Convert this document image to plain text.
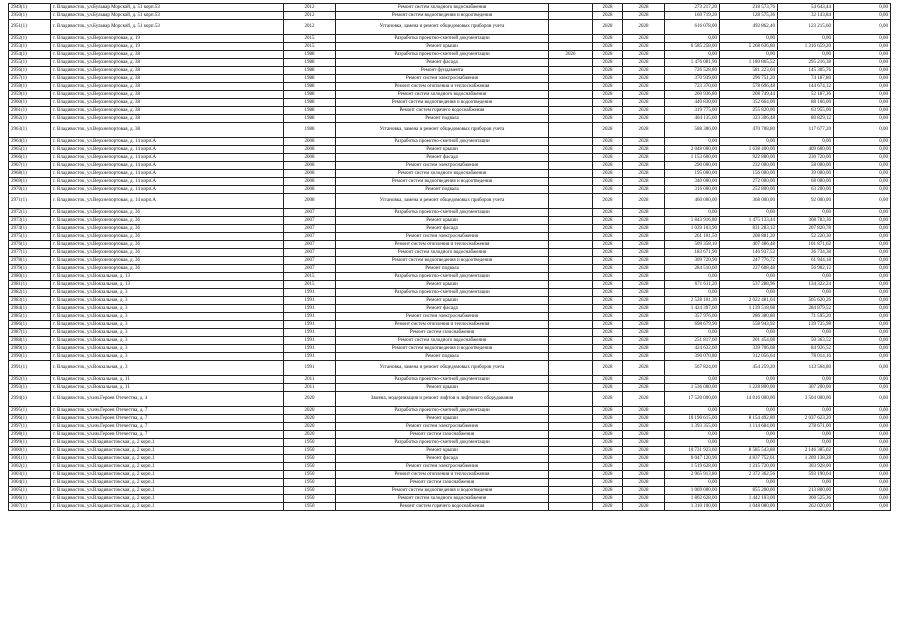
2949(1)	г. Владивосток, ул.Бульвар Морской, д. 51 корп.53	2012	Ремонт систем холодного водоснабжения		2028	2028	273 217,20	218 573,76	54 643,44	0,00
2950(1)	г. Владивосток, ул.Бульвар Морской, д. 51 корп.53	2012	Ремонт систем водоотведения и водоотведения		2028	2028	160 719,20	128 575,36	32 143,84	0,00
2951(1)	г. Владивосток, ул.Бульвар Морской, д. 51 корп.53	2012	Установка, замена и ремонт общедомовых приборов учета		2028	2028	616 078,00	492 862,40	123 215,60	0,00
2952(1)	г. Владивосток, ул.Верхнепортовая, д. 19	2015	Разработка проектно-сметной документации		2028	2028	0,00	0,00	0,00	0,00
2953(1)	г. Владивосток, ул.Верхнепортовая, д. 19	2015	Ремонт крыши		2028	2028	6 585 258,00	5 268 636,80	1 316 659,20	0,00
2954(1)	г. Владивосток, ул.Верхнепортовая, д. 38	1988	Разработка проектно-сметной документации	2026	2028	2028	0,00	0,00	0,00	0,00
2955(1)	г. Владивосток, ул.Верхнепортовая, д. 38	1988	Ремонт фасада		2028	2028	1 476 081,90	1 180 865,52	295 216,38	0,00
2956(1)	г. Владивосток, ул.Верхнепортовая, д. 38	1988	Ремонт фундамента		2028	2028	726 528,80	581 223,04	145 305,76	0,00
2957(1)	г. Владивосток, ул.Верхнепортовая, д. 38	1988	Ремонт систем электроснабжения		2028	2028	370 939,00	296 751,20	74 187,80	0,00
2958(1)	г. Владивосток, ул.Верхнепортовая, д. 38	1988	Ремонт систем отопления и теплоснабжения		2028	2028	723 370,60	578 696,48	144 674,12	0,00
2959(1)	г. Владивосток, ул.Верхнепортовая, д. 38	1988	Ремонт систем холодного водоснабжения		2028	2028	260 936,80	208 749,44	52 187,36	0,00
2960(1)	г. Владивосток, ул.Верхнепортовая, д. 38	1988	Ремонт систем водоотведения и водоотведения		2028	2028	440 830,00	352 664,00	88 166,00	0,00
2961(1)	г. Владивосток, ул.Верхнепортовая, д. 38	1988	Ремонт систем горячего водоснабжения		2028	2028	319 775,00	255 820,00	63 955,00	0,00
2962(1)	г. Владивосток, ул.Верхнепортовая, д. 38	1988	Ремонт подвала		2028	2028	404 135,60	323 306,48	80 829,12	0,00
2963(1)	г. Владивосток, ул.Верхнепортовая, д. 38	1988	Установка, замена и ремонт общедомовых приборов учета		2028	2028	588 386,00	470 708,80	117 677,20	0,00
2964(1)	г. Владивосток, ул.Верхнепортовая, д. 14 корп.А	2008	Разработка проектно-сметной документации		2028	2028	0,00	0,00	0,00	0,00
2965(1)	г. Владивосток, ул.Верхнепортовая, д. 14 корп.А	2008	Ремонт крыши		2028	2028	2 048 000,00	1 638 400,00	409 600,00	0,00
2966(1)	г. Владивосток, ул.Верхнепортовая, д. 14 корп.А	2008	Ремонт фасада		2028	2028	1 153 600,00	922 880,00	230 720,00	0,00
2967(1)	г. Владивосток, ул.Верхнепортовая, д. 14 корп.А	2008	Ремонт систем электроснабжения		2028	2028	290 000,00	232 000,00	58 000,00	0,00
2968(1)	г. Владивосток, ул.Верхнепортовая, д. 14 корп.А	2008	Ремонт систем холодного водоснабжения		2028	2028	195 000,00	156 000,00	39 000,00	0,00
2969(1)	г. Владивосток, ул.Верхнепортовая, д. 14 корп.А	2008	Ремонт систем водоотведения и водоотведения		2028	2028	340 000,00	272 000,00	68 000,00	0,00
2970(1)	г. Владивосток, ул.Верхнепортовая, д. 14 корп.А	2008	Ремонт подвала		2028	2028	316 000,00	252 800,00	63 200,00	0,00
2971(1)	г. Владивосток, ул.Верхнепортовая, д. 14 корп.А	2008	Установка, замена и ремонт общедомовых приборов учета		2028	2028	460 000,00	368 000,00	92 000,00	0,00
2972(1)	г. Владивосток, ул.Верхнепортовая, д. 36	2007	Разработка проектно-сметной документации		2028	2028	0,00	0,00	0,00	0,00
2973(1)	г. Владивосток, ул.Верхнепортовая, д. 36	2007	Ремонт крыши		2028	2028	1 843 916,80	1 475 133,44	368 783,36	0,00
2974(1)	г. Владивосток, ул.Верхнепортовая, д. 36	2007	Ремонт фасада		2028	2028	1 039 103,90	831 283,12	207 820,78	0,00
2975(1)	г. Владивосток, ул.Верхнепортовая, д. 36	2007	Ремонт систем электроснабжения		2028	2028	261 101,50	208 881,20	52 220,30	0,00
2976(1)	г. Владивосток, ул.Верхнепортовая, д. 36	2007	Ремонт систем отопления и теплоснабжения		2028	2028	509 358,10	407 486,48	101 871,62	0,00
2977(1)	г. Владивосток, ул.Верхнепортовая, д. 36	2007	Ремонт систем холодного водоснабжения		2028	2028	183 671,90	146 937,52	36 734,38	0,00
2978(1)	г. Владивосток, ул.Верхнепортовая, д. 36	2007	Ремонт систем водоотведения и водоотведения		2028	2028	309 720,90	247 776,72	61 944,18	0,00
2979(1)	г. Владивосток, ул.Верхнепортовая, д. 36	2007	Ремонт подвала		2028	2028	284 510,60	227 608,48	56 902,12	0,00
2980(1)	г. Владивосток, ул.Вокзальная, д. 13	2015	Разработка проектно-сметной документации		2028	2028	0,00	0,00	0,00	0,00
2981(1)	г. Владивосток, ул.Вокзальная, д. 13	2015	Ремонт крыши		2028	2028	671 611,20	537 288,96	134 322,24	0,00
2982(1)	г. Владивосток, ул.Вокзальная, д. 3	1991	Разработка проектно-сметной документации		2028	2028	0,00	0,00	0,00	0,00
2983(1)	г. Владивосток, ул.Вокзальная, д. 3	1991	Ремонт крыши		2028	2028	2 528 101,30	2 022 481,04	505 620,26	0,00
2984(1)	г. Владивосток, ул.Вокзальная, д. 3	1991	Ремонт фасада		2028	2028	1 424 397,60	1 139 518,08	284 879,52	0,00
2985(1)	г. Владивосток, ул.Вокзальная, д. 3	1991	Ремонт систем электроснабжения		2028	2028	357 976,00	286 380,80	71 595,20	0,00
2986(1)	г. Владивосток, ул.Вокзальная, д. 3	1991	Ремонт систем отопления и теплоснабжения		2028	2028	698 679,90	558 943,92	139 735,98	0,00
2987(1)	г. Владивосток, ул.Вокзальная, д. 3	1991	Ремонт систем газоснабжения		2028	2028	0,00	0,00	0,00	0,00
2988(1)	г. Владивосток, ул.Вокзальная, д. 3	1991	Ремонт систем холодного водоснабжения		2028	2028	251 817,60	201 454,08	50 363,52	0,00
2989(1)	г. Владивосток, ул.Вокзальная, д. 3	1991	Ремонт систем водоотведения и водоотведения		2028	2028	424 632,60	339 706,08	84 926,52	0,00
2990(1)	г. Владивосток, ул.Вокзальная, д. 3	1991	Ремонт подвала		2028	2028	390 070,80	312 056,64	78 014,16	0,00
2991(1)	г. Владивосток, ул.Вокзальная, д. 3	1991	Установка, замена и ремонт общедомовых приборов учета		2028	2028	567 824,00	454 259,20	113 564,80	0,00
2992(1)	г. Владивосток, ул.Вокзальная, д. 11	2011	Разработка проектно-сметной документации		2028	2028	0,00	0,00	0,00	0,00
2993(1)	г. Владивосток, ул.Вокзальная, д. 11	2011	Ремонт крыши		2028	2028	1 536 000,00	1 228 800,00	307 200,00	0,00
2994(1)	г. Владивосток, ул.им.Героев Отечества, д. 4	2020	Замена, модернизация и ремонт лифтов и лифтового оборудования		2028	2028	17 520 000,00	14 016 000,00	3 504 000,00	0,00
2995(1)	г. Владивосток, ул.им.Героев Отечества, д. 7	2020	Разработка проектно-сметной документации		2028	2028	0,00	0,00	0,00	0,00
2996(1)	г. Владивосток, ул.им.Героев Отечества, д. 7	2020	Ремонт крыши		2028	2028	10 190 615,00	8 154 492,80	2 037 623,20	0,00
2997(1)	г. Владивосток, ул.им.Героев Отечества, д. 7	2020	Ремонт систем электроснабжения		2028	2028	1 393 355,00	1 114 684,00	278 671,00	0,00
2998(1)	г. Владивосток, ул.им.Героев Отечества, д. 7	2020	Ремонт систем газоснабжения		2028	2028	0,00	0,00	0,00	0,00
2999(1)	г. Владивосток, ул.Владивостокская, д. 2 корп.1	1950	Разработка проектно-сметной документации		2028	2028	0,00	0,00	0,00	0,00
3000(1)	г. Владивосток, ул.Владивостокская, д. 2 корп.1	1950	Ремонт крыши		2028	2028	10 731 923,60	8 585 543,88	2 146 385,02	0,00
3001(1)	г. Владивосток, ул.Владивостокская, д. 2 корп.1	1950	Ремонт фасада		2028	2028	6 047 120,90	4 837 752,61	1 209 138,28	0,00
3002(1)	г. Владивосток, ул.Владивостокская, д. 2 корп.1	1950	Ремонт систем электроснабжения		2028	2028	1 519 628,00	1 215 720,00	303 928,00	0,00
3003(1)	г. Владивосток, ул.Владивостокская, д. 2 корп.1	1950	Ремонт систем отопления и теплоснабжения		2028	2028	2 965 913,80	2 372 362,56	593 190,64	0,00
3004(1)	г. Владивосток, ул.Владивостокская, д. 2 корп.1	1950	Ремонт систем газоснабжения		2028	2028	0,00	0,00	0,00	0,00
3005(1)	г. Владивосток, ул.Владивостокская, д. 2 корп.1	1950	Ремонт систем водоотведения и водоотведения		2028	2028	1 069 000,00	855 200,00	213 800,00	0,00
3006(1)	г. Владивосток, ул.Владивостокская, д. 2 корп.1	1950	Ремонт систем холодного водоснабжения		2028	2028	1 802 628,00	1 442 103,00	360 525,36	0,00
3007(1)	г. Владивосток, ул.Владивостокская, д. 2 корп.1	1950	Ремонт систем горячего водоснабжения		2028	2028	1 310 100,00	1 048 080,00	262 020,00	0,00
